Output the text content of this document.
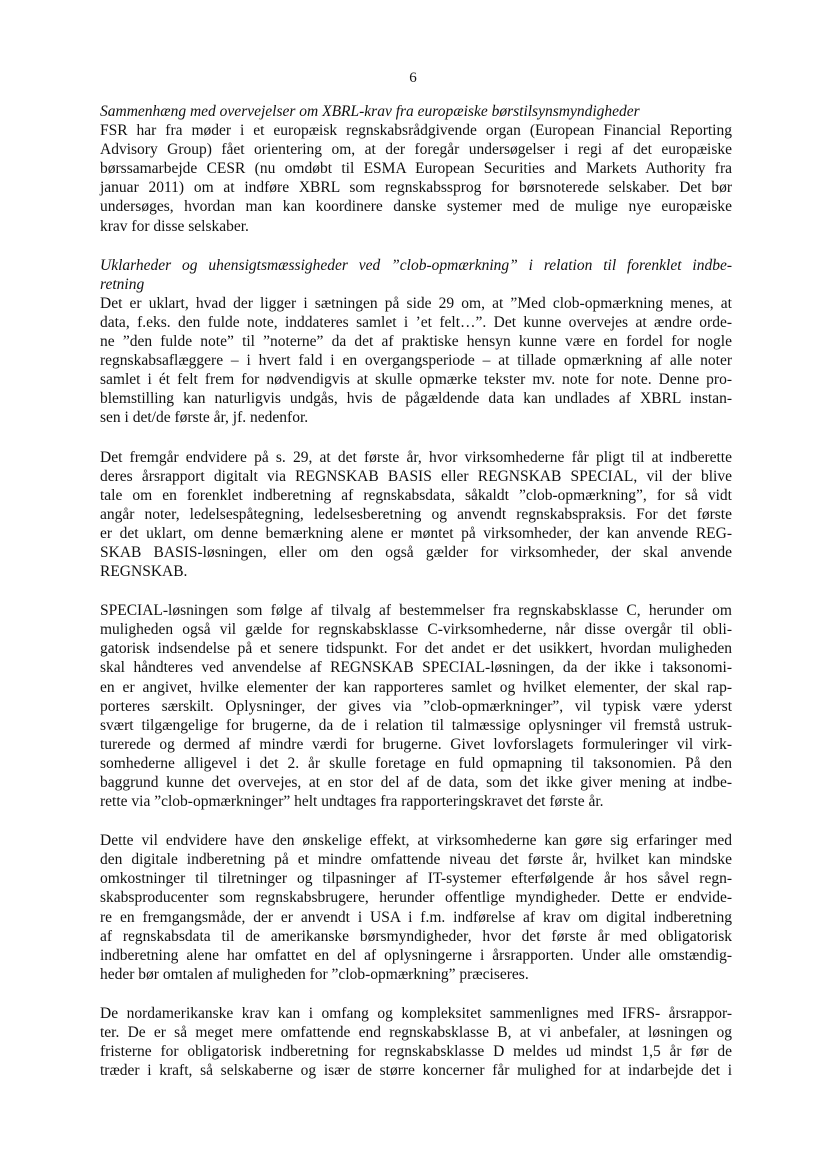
6
Sammenhæng med overvejelser om XBRL-krav fra europæiske børstilsynsmyndigheder
FSR har fra møder i et europæisk regnskabsrådgivende organ (European Financial Reporting
Advisory Group) fået orientering om, at der foregår undersøgelser i regi af det europæiske
børssamarbejde CESR (nu omdøbt til ESMA European Securities and Markets Authority fra
januar 2011) om at indføre XBRL som regnskabssprog for børsnoterede selskaber. Det bør
undersøges, hvordan man kan koordinere danske systemer med de mulige nye europæiske
krav for disse selskaber.
Uklarheder og uhensigtsmæssigheder ved ”clob-opmærkning” i relation til forenklet indbe-
retning
Det er uklart, hvad der ligger i sætningen på side 29 om, at ”Med clob-opmærkning menes, at
data, f.eks. den fulde note, inddateres samlet i ’et felt…”. Det kunne overvejes at ændre orde-
ne ”den fulde note” til ”noterne” da det af praktiske hensyn kunne være en fordel for nogle
regnskabsaflæggere – i hvert fald i en overgangsperiode – at tillade opmærkning af alle noter
samlet i ét felt frem for nødvendigvis at skulle opmærke tekster mv. note for note. Denne pro-
blemstilling kan naturligvis undgås, hvis de pågældende data kan undlades af XBRL instan-
sen i det/de første år, jf. nedenfor.
Det fremgår endvidere på s. 29, at det første år, hvor virksomhederne får pligt til at indberette
deres årsrapport digitalt via REGNSKAB BASIS eller REGNSKAB SPECIAL, vil der blive
tale om en forenklet indberetning af regnskabsdata, såkaldt ”clob-opmærkning”, for så vidt
angår noter, ledelsespåtegning, ledelsesberetning og anvendt regnskabspraksis. For det første
er det uklart, om denne bemærkning alene er møntet på virksomheder, der kan anvende REG-
SKAB BASIS-løsningen, eller om den også gælder for virksomheder, der skal anvende
REGNSKAB.
SPECIAL-løsningen som følge af tilvalg af bestemmelser fra regnskabsklasse C, herunder om
muligheden også vil gælde for regnskabsklasse C-virksomhederne, når disse overgår til obli-
gatorisk indsendelse på et senere tidspunkt. For det andet er det usikkert, hvordan muligheden
skal håndteres ved anvendelse af REGNSKAB SPECIAL-løsningen, da der ikke i taksonomi-
en er angivet, hvilke elementer der kan rapporteres samlet og hvilket elementer, der skal rap-
porteres særskilt. Oplysninger, der gives via ”clob-opmærkninger”, vil typisk være yderst
svært tilgængelige for brugerne, da de i relation til talmæssige oplysninger vil fremstå ustruk-
turerede og dermed af mindre værdi for brugerne. Givet lovforslagets formuleringer vil virk-
somhederne alligevel i det 2. år skulle foretage en fuld opmapning til taksonomien. På den
baggrund kunne det overvejes, at en stor del af de data, som det ikke giver mening at indbe-
rette via ”clob-opmærkninger” helt undtages fra rapporteringskravet det første år.
Dette vil endvidere have den ønskelige effekt, at virksomhederne kan gøre sig erfaringer med
den digitale indberetning på et mindre omfattende niveau det første år, hvilket kan mindske
omkostninger til tilretninger og tilpasninger af IT-systemer efterfølgende år hos såvel regn-
skabsproducenter som regnskabsbrugere, herunder offentlige myndigheder. Dette er endvide-
re en fremgangsmåde, der er anvendt i USA i f.m. indførelse af krav om digital indberetning
af regnskabsdata til de amerikanske børsmyndigheder, hvor det første år med obligatorisk
indberetning alene har omfattet en del af oplysningerne i årsrapporten. Under alle omstændig-
heder bør omtalen af muligheden for ”clob-opmærkning” præciseres.
De nordamerikanske krav kan i omfang og kompleksitet sammenlignes med IFRS- årsrappor-
ter. De er så meget mere omfattende end regnskabsklasse B, at vi anbefaler, at løsningen og
fristerne for obligatorisk indberetning for regnskabsklasse D meldes ud mindst 1,5 år før de
træder i kraft, så selskaberne og især de større koncerner får mulighed for at indarbejde det i
